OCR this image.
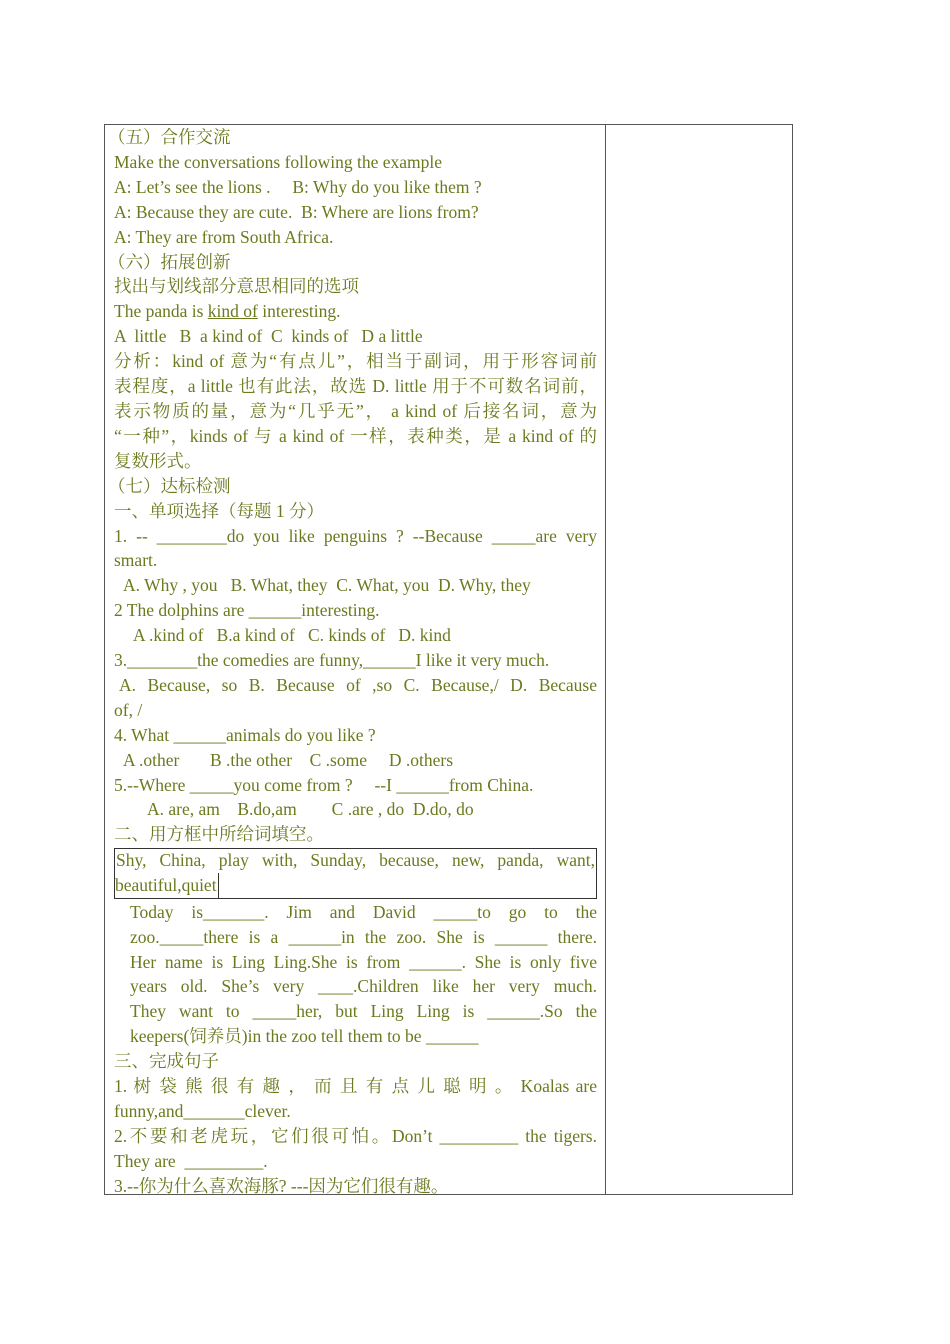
（五）合作交流
Make the conversations following the example
A: Let’s see the lions .     B: Why do you like them ?
A: Because they are cute.  B: Where are lions from?
A: They are from South Africa.
（六）拓展创新
找出与划线部分意思相同的选项
The panda is kind of interesting.
A  little   B  a kind of  C  kinds of   D a little
分析：kind of 意为“有点儿”，相当于副词，用于形容词前
表程度，a little 也有此法，故选 D. little 用于不可数名词前，
表示物质的量，意为“几乎无”， a kind of 后接名词，意为
“一种”，kinds of 与 a kind of 一样，表种类，是 a kind of 的
复数形式。
（七）达标检测
一、单项选择（每题 1 分）
1. -- ________do you like penguins ? --Because _____are very
smart.
A. Why , you   B. What, they  C. What, you  D. Why, they
2 The dolphins are ______interesting.
A .kind of   B.a kind of   C. kinds of   D. kind
3.________the comedies are funny,______I like it very much.
A. Because, so B. Because of ,so C. Because,/ D. Because
of, /
4. What ______animals do you like ?
A .other       B .the other    C .some     D .others
5.--Where _____you come from ?     --I ______from China.
A. are, am    B.do,am        C .are , do  D.do, do
二、用方框中所给词填空。
Shy, China, play with, Sunday, because, new, panda, want,
beautiful,quiet
Today is_______. Jim and David _____to go to the
zoo._____there is a ______in the zoo. She is ______ there.
Her name is Ling Ling.She is from ______. She is only five
years old. She’s very ____.Children like her very much.
They want to _____her, but Ling Ling is ______.So the
keepers(饲养员)in the zoo tell them to be ______
三、完成句子
1. 树 袋 熊 很 有 趣 ， 而 且 有 点 儿 聪 明 。 Koalas are
funny,and_______clever.
2.不要和老虎玩，它们很可怕。Don’t _________ the tigers.
They are  _________.
3.--你为什么喜欢海豚? ---因为它们很有趣。
